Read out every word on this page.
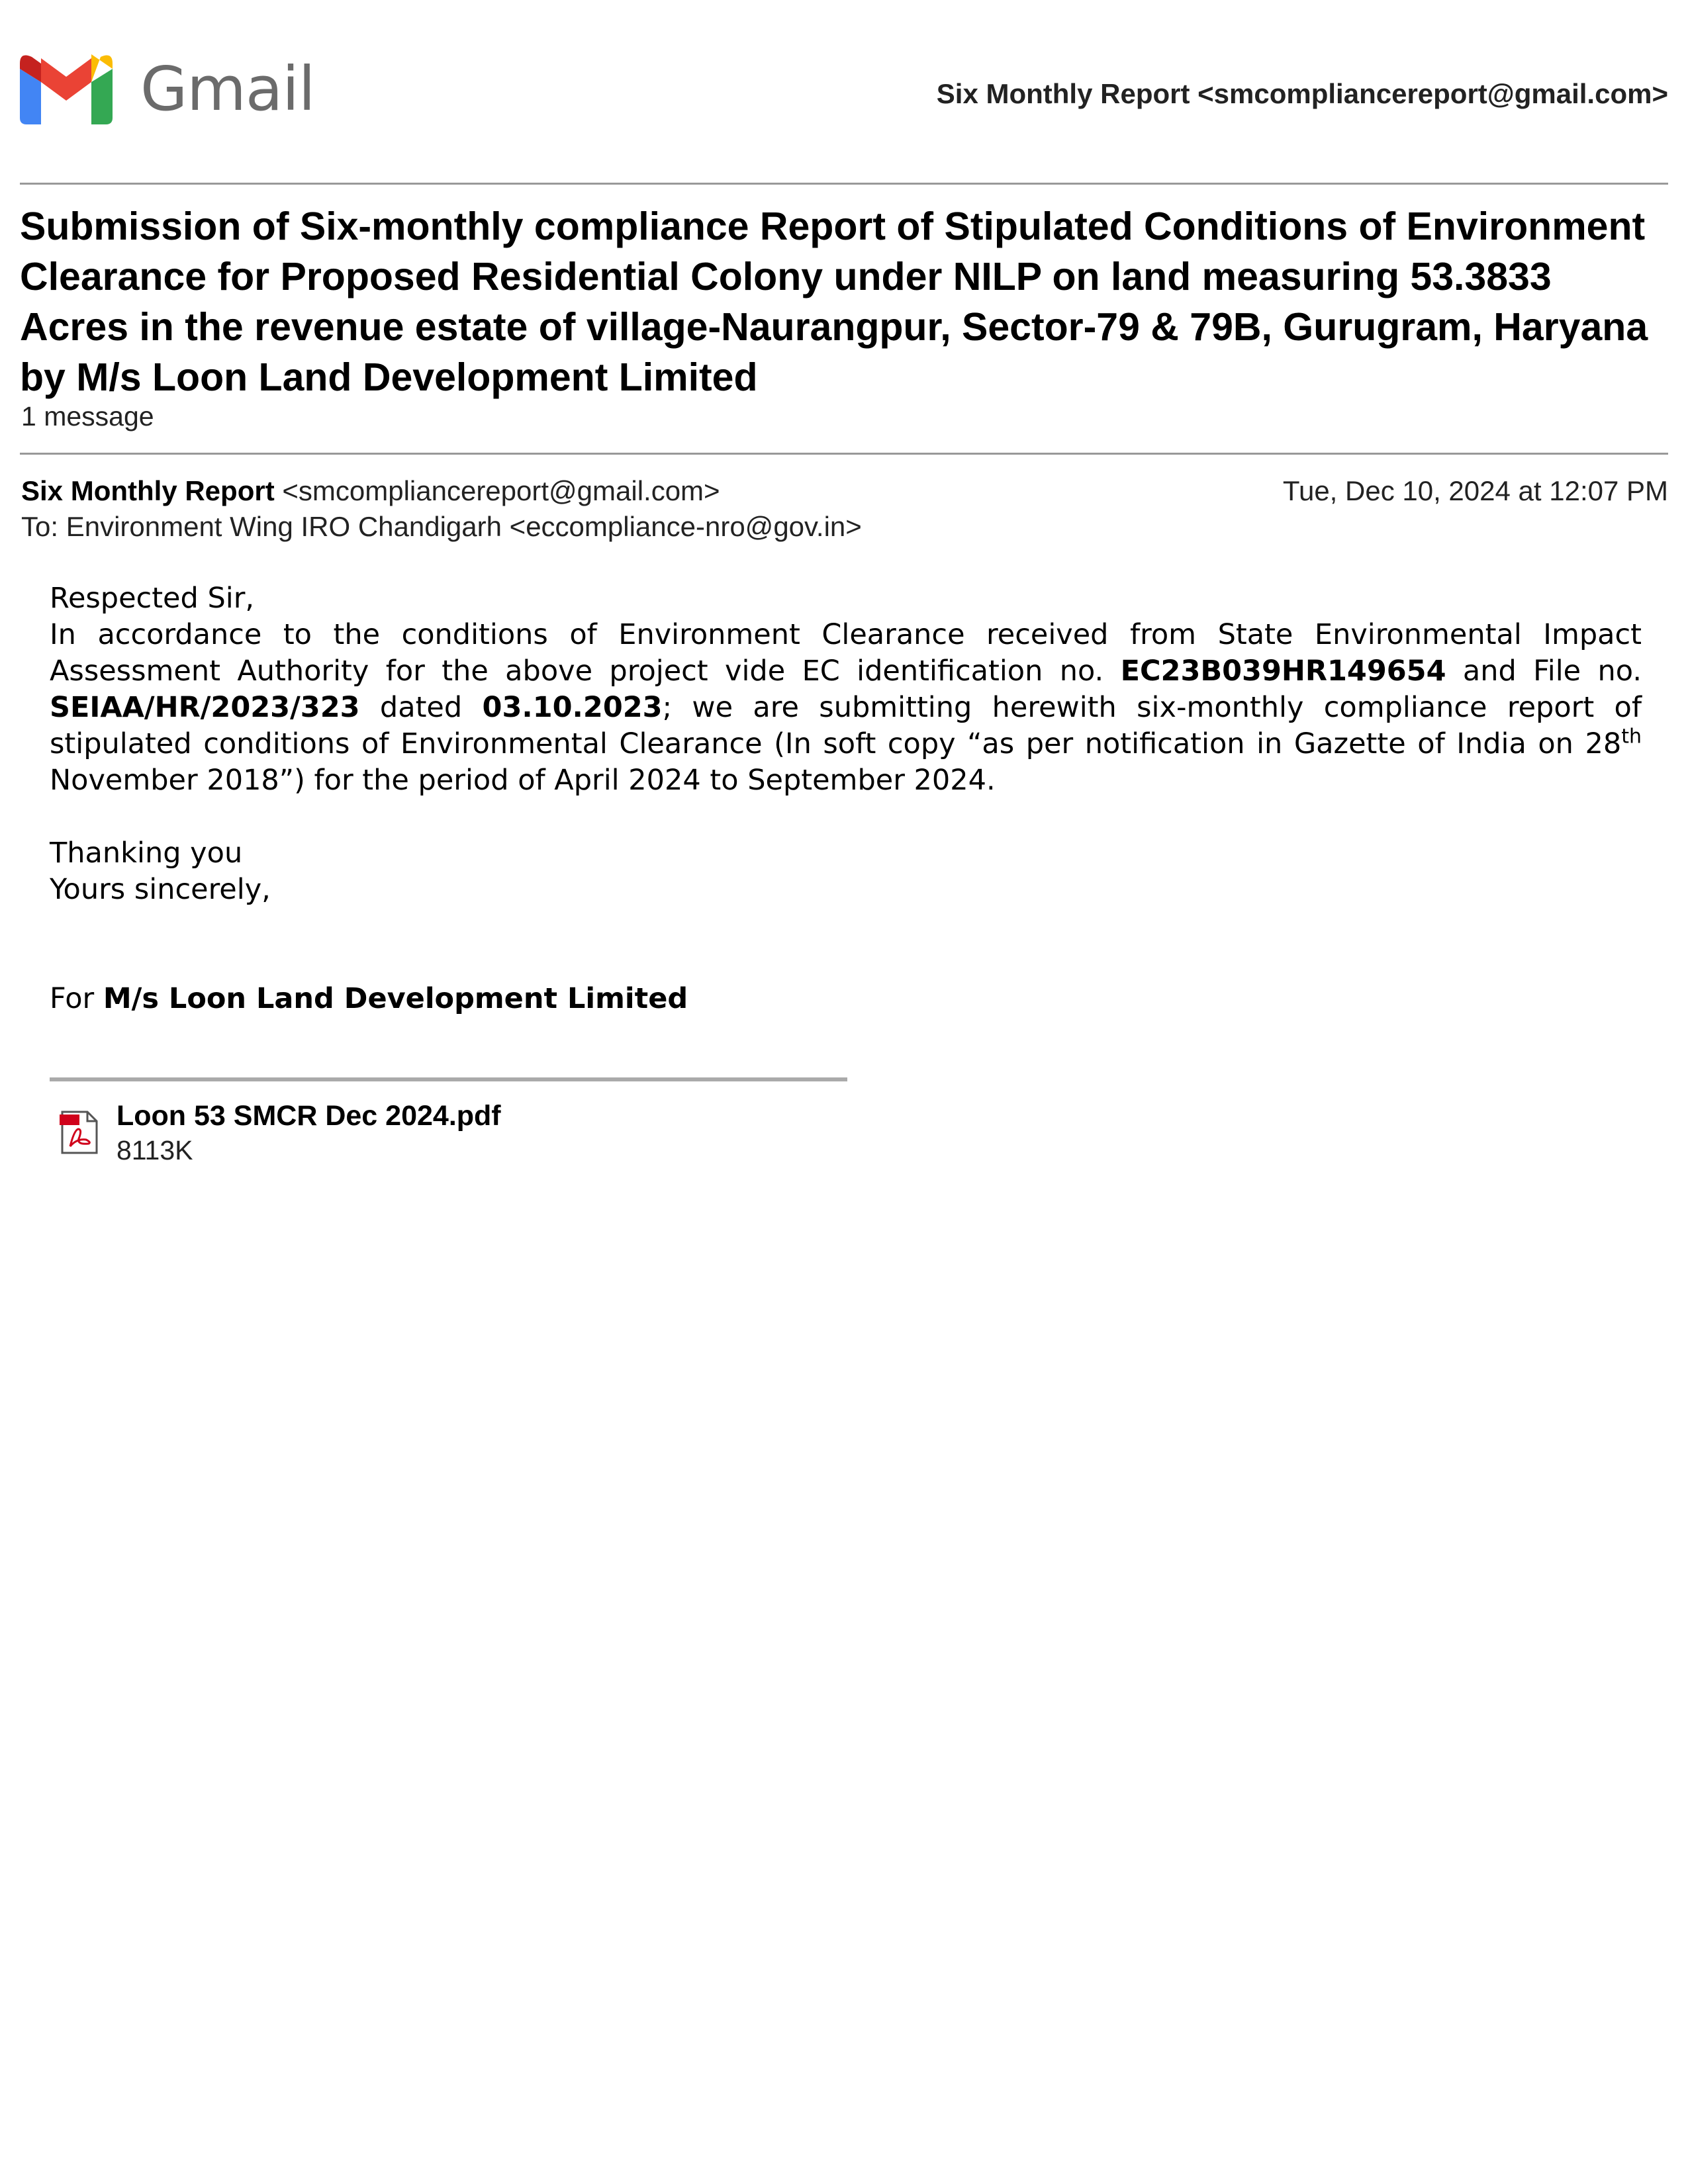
Gmail	Six Monthly Report <smcompliancereport@gmail.com>
Submission of Six-monthly compliance Report of Stipulated Conditions of Environment Clearance for Proposed Residential Colony under NILP on land measuring 53.3833 Acres in the revenue estate of village-Naurangpur, Sector-79 & 79B, Gurugram, Haryana by M/s Loon Land Development Limited
1 message
Six Monthly Report <smcompliancereport@gmail.com>	Tue, Dec 10, 2024 at 12:07 PM
To: Environment Wing IRO Chandigarh <eccompliance-nro@gov.in>

Respected Sir,

In accordance to the conditions of Environment Clearance received from State Environmental Impact Assessment Authority for the above project vide EC identification no. EC23B039HR149654 and File no. SEIAA/HR/2023/323 dated 03.10.2023; we are submitting herewith six-monthly compliance report of stipulated conditions of Environmental Clearance (In soft copy “as per notification in Gazette of India on 28th November 2018”) for the period of April 2024 to September 2024.

Thanking you

Yours sincerely,

For M/s Loon Land Development Limited

Loon 53 SMCR Dec 2024.pdf
8113K
